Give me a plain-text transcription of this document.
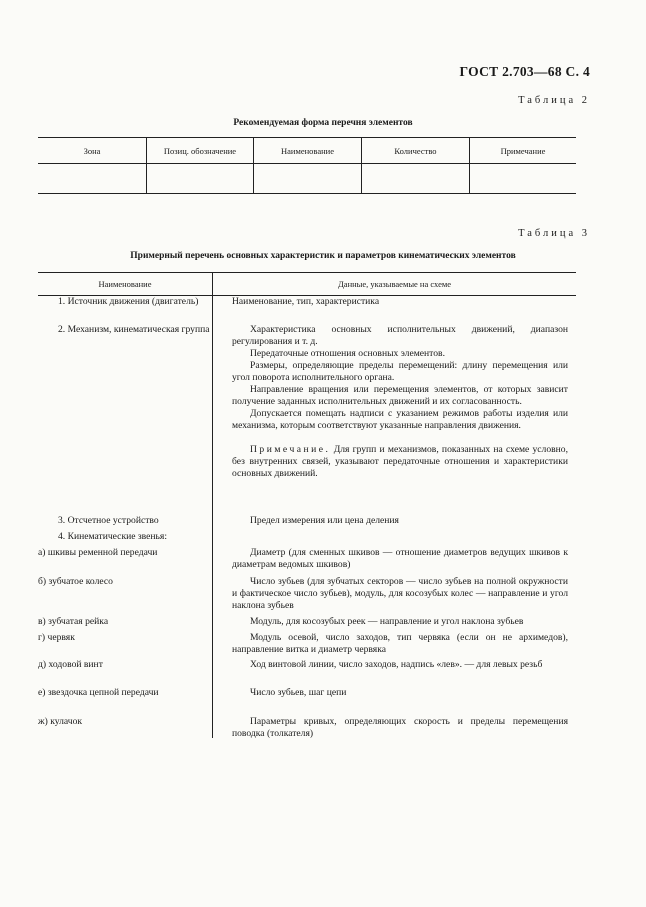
ГОСТ 2.703—68 С. 4
Таблица 2
Рекомендуемая форма перечня элементов
Зона	Позиц. обозначение	Наименование	Количество	Примечание

Таблица 3
Примерный перечень основных характеристик и параметров кинематических элементов
Наименование	Данные, указываемые на схеме
1. Источник движения (двигатель)	Наименование, тип, характеристика

2. Механизм, кинематическая группа	Характеристика основных исполнительных движений, диапазон регулирования и т. д.

Передаточные отношения основных элементов.

Размеры, определяющие пределы перемещений: длину перемещения или угол поворота исполнительного органа.

Направление вращения или перемещения элементов, от которых зависит получение заданных исполнительных движений и их согласованность.

Допускается помещать надписи с указанием режимов работы изделия или механизма, которым соответствуют указанные направления движения.

Примечание. Для групп и механизмов, показанных на схеме условно, без внутренних связей, указывают передаточные отношения и характеристики основных движений.

3. Отсчетное устройство	Предел измерения или цена деления

4. Кинематические звенья:
а) шкивы ременной передачи	Диаметр (для сменных шкивов — отношение диаметров ведущих шкивов к диаметрам ведомых шкивов)

б) зубчатое колесо	Число зубьев (для зубчатых секторов — число зубьев на полной окружности и фактическое число зубьев), модуль, для косозубых колес — направление и угол наклона зубьев

в) зубчатая рейка	Модуль, для косозубых реек — направление и угол наклона зубьев

г) червяк	Модуль осевой, число заходов, тип червяка (если он не архимедов), направление витка и диаметр червяка

д) ходовой винт	Ход винтовой линии, число заходов, надпись «лев». — для левых резьб

е) звездочка цепной передачи	Число зубьев, шаг цепи

ж) кулачок	Параметры кривых, определяющих скорость и пределы перемещения поводка (толкателя)
